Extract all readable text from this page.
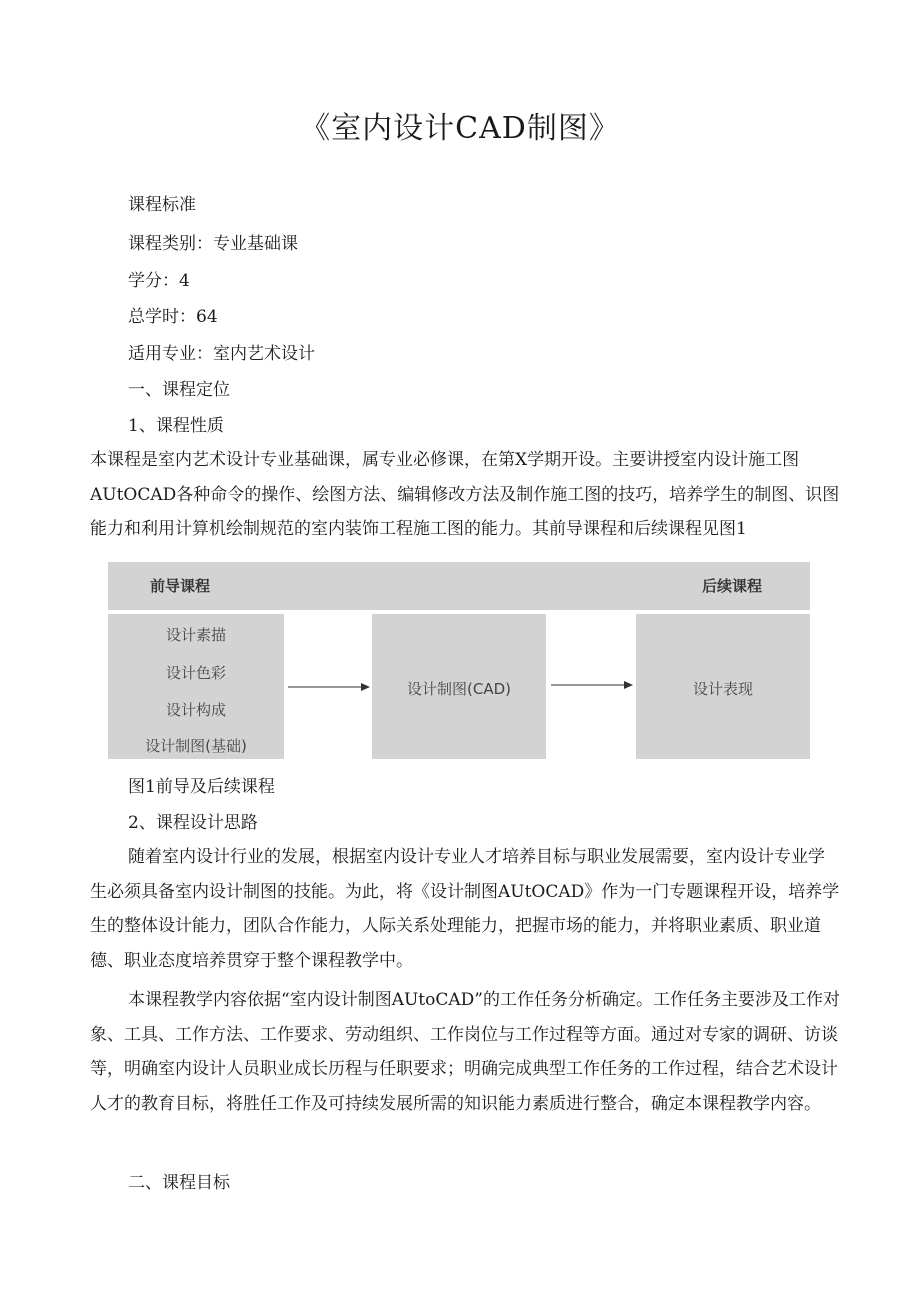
《室内设计CAD制图》
课程标准
课程类别：专业基础课
学分：4
总学时：64
适用专业：室内艺术设计
一、课程定位
1、课程性质
本课程是室内艺术设计专业基础课，属专业必修课，在第X学期开设。主要讲授室内设计施工图AUtOCAD各种命令的操作、绘图方法、编辑修改方法及制作施工图的技巧，培养学生的制图、识图能力和利用计算机绘制规范的室内装饰工程施工图的能力。其前导课程和后续课程见图1
前导课程	后续课程
设计素描
设计色彩
设计构成
设计制图(基础)
设计制图(CAD)	设计表现
图1前导及后续课程
2、课程设计思路
随着室内设计行业的发展，根据室内设计专业人才培养目标与职业发展需要，室内设计专业学生必须具备室内设计制图的技能。为此，将《设计制图AUtOCAD》作为一门专题课程开设，培养学生的整体设计能力，团队合作能力，人际关系处理能力，把握市场的能力，并将职业素质、职业道德、职业态度培养贯穿于整个课程教学中。
本课程教学内容依据“室内设计制图AUtoCAD”的工作任务分析确定。工作任务主要涉及工作对象、工具、工作方法、工作要求、劳动组织、工作岗位与工作过程等方面。通过对专家的调研、访谈等，明确室内设计人员职业成长历程与任职要求；明确完成典型工作任务的工作过程，结合艺术设计人才的教育目标，将胜任工作及可持续发展所需的知识能力素质进行整合，确定本课程教学内容。
二、课程目标
